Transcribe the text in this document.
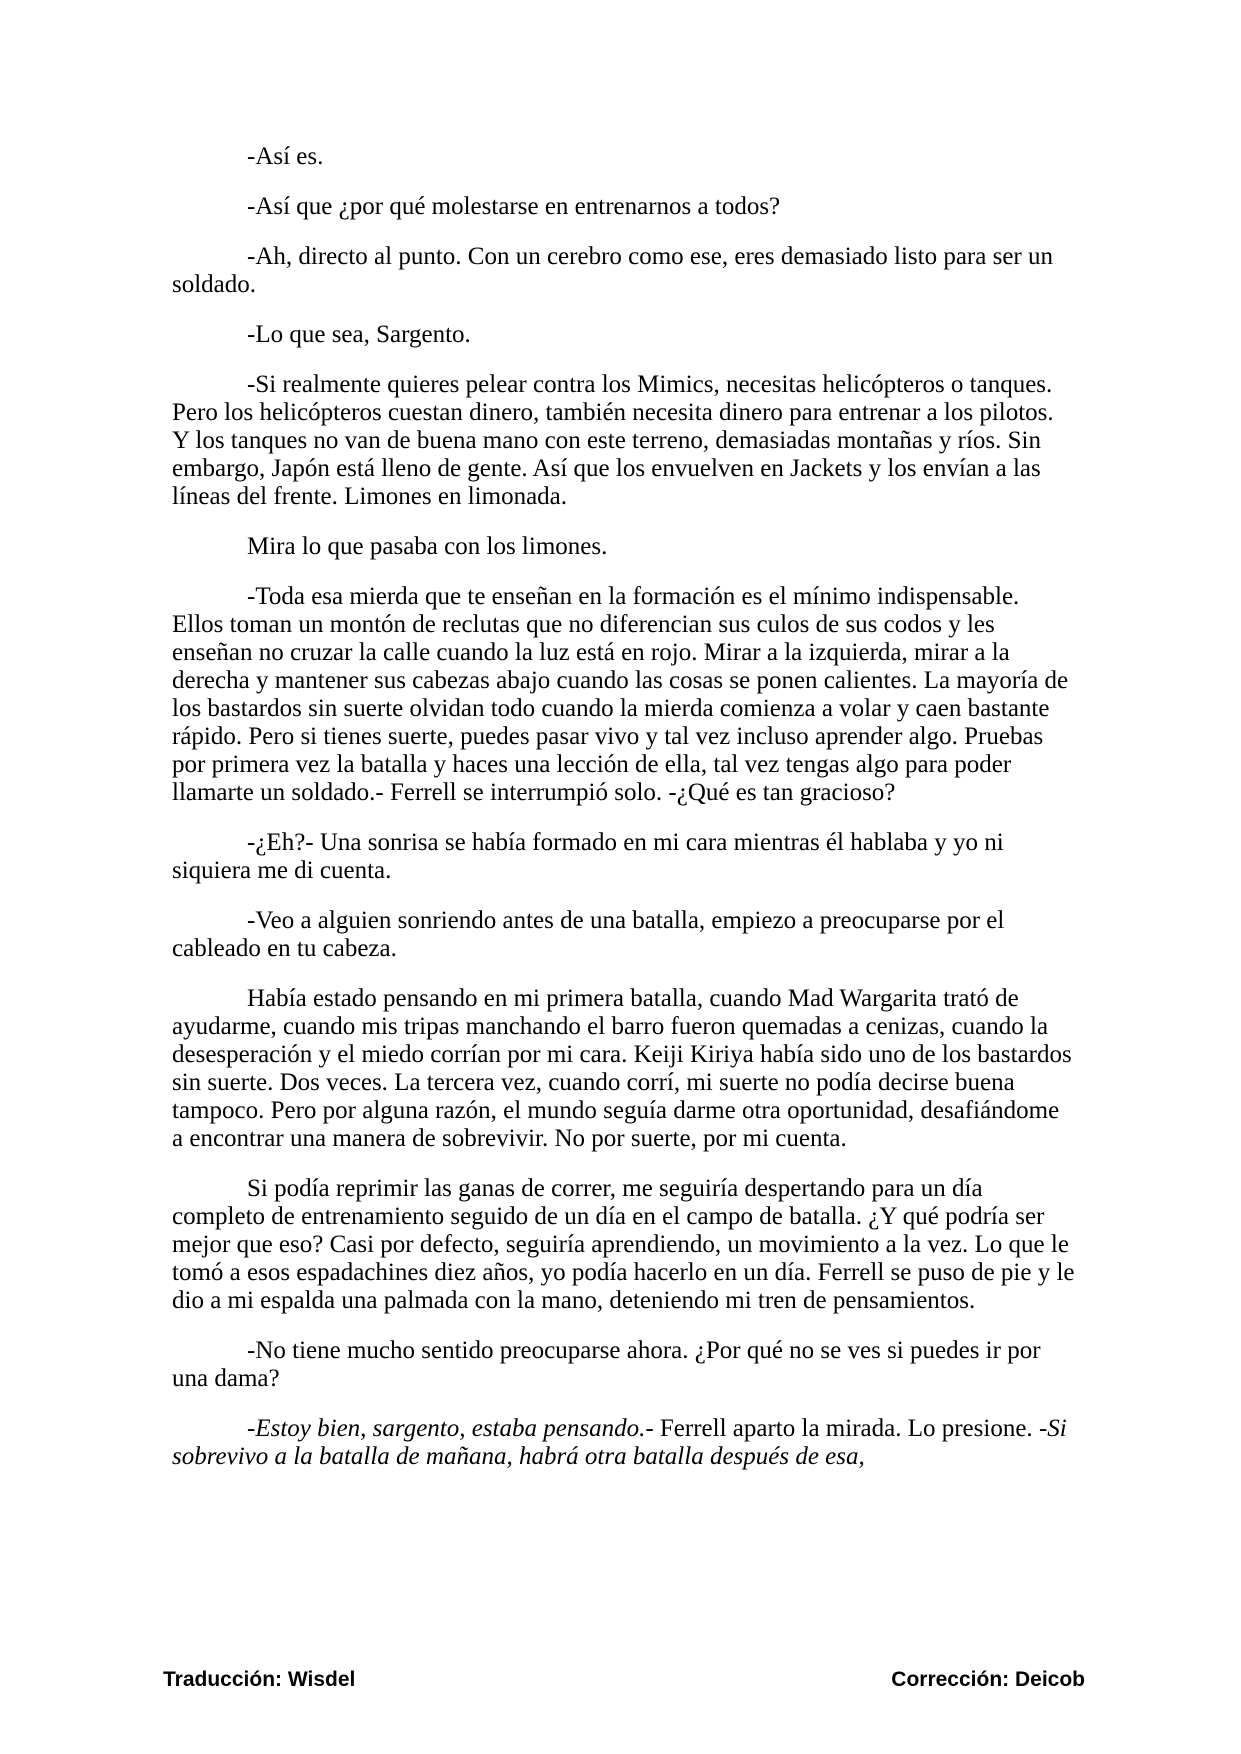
-Así es.

-Así que ¿por qué molestarse en entrenarnos a todos?

-Ah, directo al punto. Con un cerebro como ese, eres demasiado listo para ser un soldado.

-Lo que sea, Sargento.

-Si realmente quieres pelear contra los Mimics, necesitas helicópteros o tanques. Pero los helicópteros cuestan dinero, también necesita dinero para entrenar a los pilotos. Y los tanques no van de buena mano con este terreno, demasiadas montañas y ríos. Sin embargo, Japón está lleno de gente. Así que los envuelven en Jackets y los envían a las líneas del frente. Limones en limonada.

Mira lo que pasaba con los limones.

-Toda esa mierda que te enseñan en la formación es el mínimo indispensable. Ellos toman un montón de reclutas que no diferencian sus culos de sus codos y les enseñan no cruzar la calle cuando la luz está en rojo. Mirar a la izquierda, mirar a la derecha y mantener sus cabezas abajo cuando las cosas se ponen calientes. La mayoría de los bastardos sin suerte olvidan todo cuando la mierda comienza a volar y caen bastante rápido. Pero si tienes suerte, puedes pasar vivo y tal vez incluso aprender algo. Pruebas por primera vez la batalla y haces una lección de ella, tal vez tengas algo para poder llamarte un soldado.- Ferrell se interrumpió solo. -¿Qué es tan gracioso?

-¿Eh?- Una sonrisa se había formado en mi cara mientras él hablaba y yo ni siquiera me di cuenta.

-Veo a alguien sonriendo antes de una batalla, empiezo a preocuparse por el cableado en tu cabeza.

Había estado pensando en mi primera batalla, cuando Mad Wargarita trató de ayudarme, cuando mis tripas manchando el barro fueron quemadas a cenizas, cuando la desesperación y el miedo corrían por mi cara. Keiji Kiriya había sido uno de los bastardos sin suerte. Dos veces. La tercera vez, cuando corrí, mi suerte no podía decirse buena tampoco. Pero por alguna razón, el mundo seguía darme otra oportunidad, desafiándome a encontrar una manera de sobrevivir. No por suerte, por mi cuenta.

Si podía reprimir las ganas de correr, me seguiría despertando para un día completo de entrenamiento seguido de un día en el campo de batalla. ¿Y qué podría ser mejor que eso? Casi por defecto, seguiría aprendiendo, un movimiento a la vez. Lo que le tomó a esos espadachines diez años, yo podía hacerlo en un día. Ferrell se puso de pie y le dio a mi espalda una palmada con la mano, deteniendo mi tren de pensamientos.

-No tiene mucho sentido preocuparse ahora. ¿Por qué no se ves si puedes ir por una dama?

-Estoy bien, sargento, estaba pensando.- Ferrell aparto la mirada. Lo presione. -Si sobrevivo a la batalla de mañana, habrá otra batalla después de esa,

Traducción: Wisdel	Corrección: Deicob
